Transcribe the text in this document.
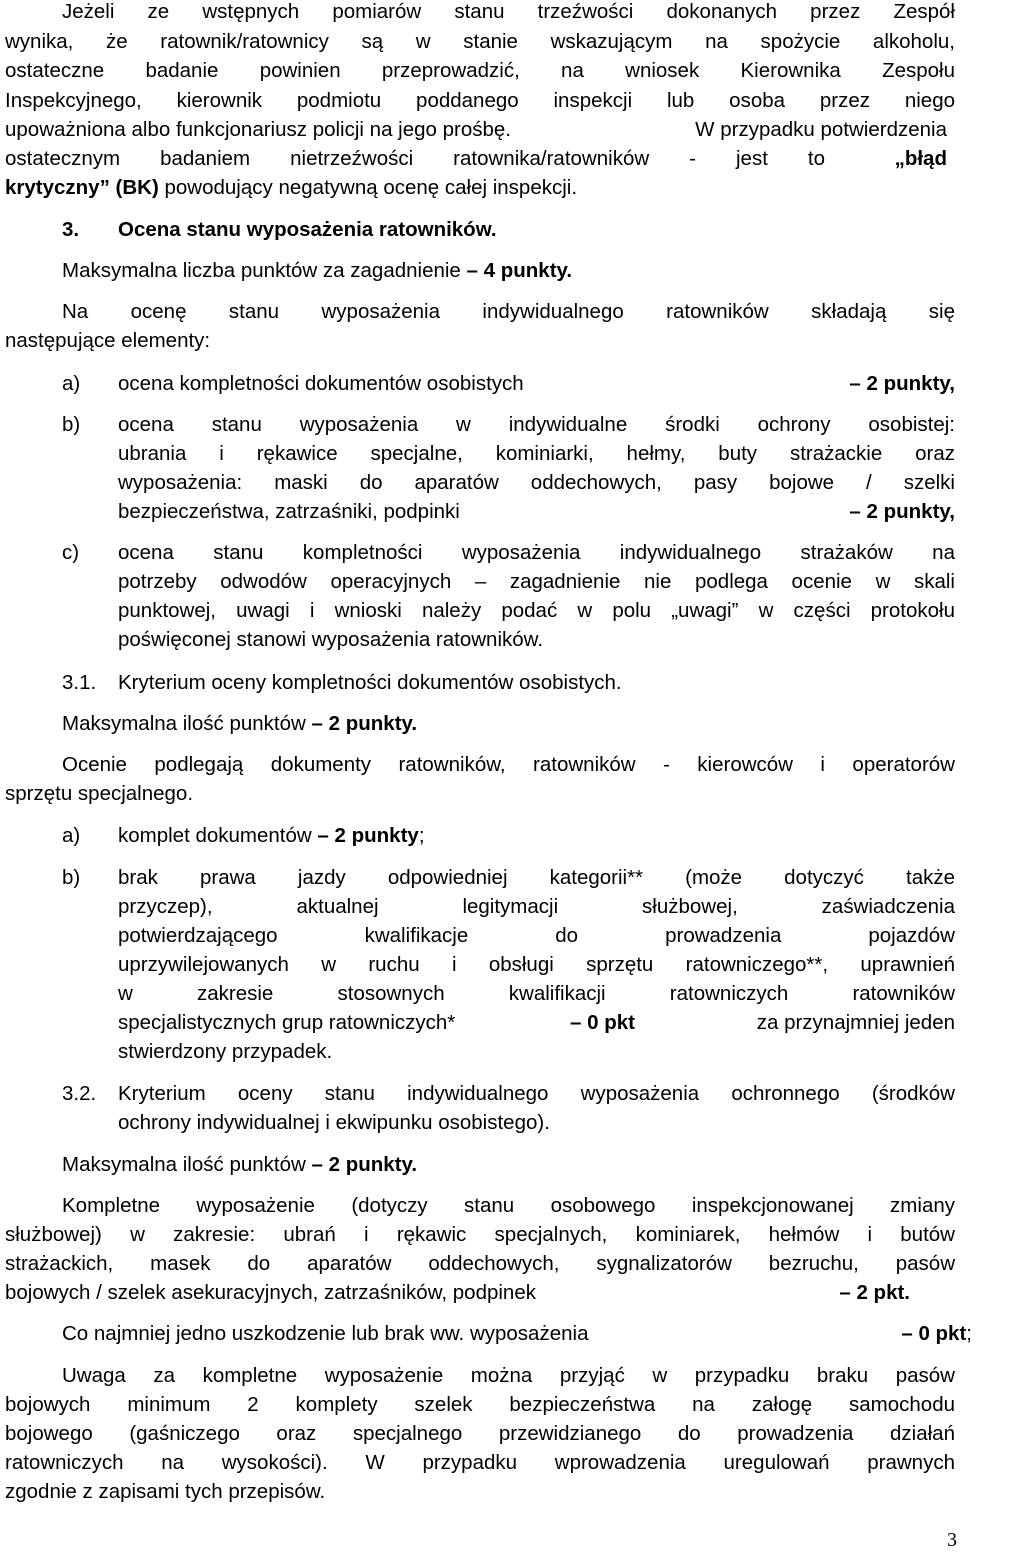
Jeżeli ze wstępnych pomiarów stanu trzeźwości dokonanych przez Zespół
wynika, że ratownik/ratownicy są w stanie wskazującym na spożycie alkoholu,
ostateczne badanie powinien przeprowadzić, na wniosek Kierownika Zespołu
Inspekcyjnego, kierownik podmiotu poddanego inspekcji lub osoba przez niego
upoważniona albo funkcjonariusz policji na jego prośbę.	W przypadku potwierdzenia
ostatecznym badaniem nietrzeźwości ratownika/ratowników - jest to	„błąd
krytyczny” (BK) powodujący negatywną ocenę całej inspekcji.
3. Ocena stanu wyposażenia ratowników.
Maksymalna liczba punktów za zagadnienie – 4 punkty.
Na ocenę stanu wyposażenia indywidualnego ratowników składają się
następujące elementy:
a) ocena kompletności dokumentów osobistych	– 2 punkty,
b) ocena stanu wyposażenia w indywidualne środki ochrony osobistej:
ubrania i rękawice specjalne, kominiarki, hełmy, buty strażackie oraz
wyposażenia: maski do aparatów oddechowych, pasy bojowe / szelki
bezpieczeństwa, zatrzaśniki, podpinki	– 2 punkty,
c) ocena stanu kompletności wyposażenia indywidualnego strażaków na
potrzeby odwodów operacyjnych – zagadnienie nie podlega ocenie w skali
punktowej, uwagi i wnioski należy podać w polu „uwagi” w części protokołu
poświęconej stanowi wyposażenia ratowników.
3.1. Kryterium oceny kompletności dokumentów osobistych.
Maksymalna ilość punktów – 2 punkty.
Ocenie podlegają dokumenty ratowników, ratowników - kierowców i operatorów
sprzętu specjalnego.
a) komplet dokumentów – 2 punkty;
b) brak prawa jazdy odpowiedniej kategorii** (może dotyczyć także
przyczep), aktualnej legitymacji służbowej, zaświadczenia
potwierdzającego kwalifikacje do prowadzenia pojazdów
uprzywilejowanych w ruchu i obsługi sprzętu ratowniczego**, uprawnień
w zakresie stosownych kwalifikacji ratowniczych ratowników
specjalistycznych grup ratowniczych*	– 0 pkt	za przynajmniej jeden
stwierdzony przypadek.
3.2. Kryterium oceny stanu indywidualnego wyposażenia ochronnego (środków
ochrony indywidualnej i ekwipunku osobistego).
Maksymalna ilość punktów – 2 punkty.
Kompletne wyposażenie (dotyczy stanu osobowego inspekcjonowanej zmiany
służbowej) w zakresie: ubrań i rękawic specjalnych, kominiarek, hełmów i butów
strażackich, masek do aparatów oddechowych, sygnalizatorów bezruchu, pasów
bojowych / szelek asekuracyjnych, zatrzaśników, podpinek	– 2 pkt.
Co najmniej jedno uszkodzenie lub brak ww. wyposażenia	– 0 pkt;
Uwaga za kompletne wyposażenie można przyjąć w przypadku braku pasów
bojowych minimum 2 komplety szelek bezpieczeństwa na załogę samochodu
bojowego (gaśniczego oraz specjalnego przewidzianego do prowadzenia działań
ratowniczych na wysokości). W przypadku wprowadzenia uregulowań prawnych
zgodnie z zapisami tych przepisów.
3
